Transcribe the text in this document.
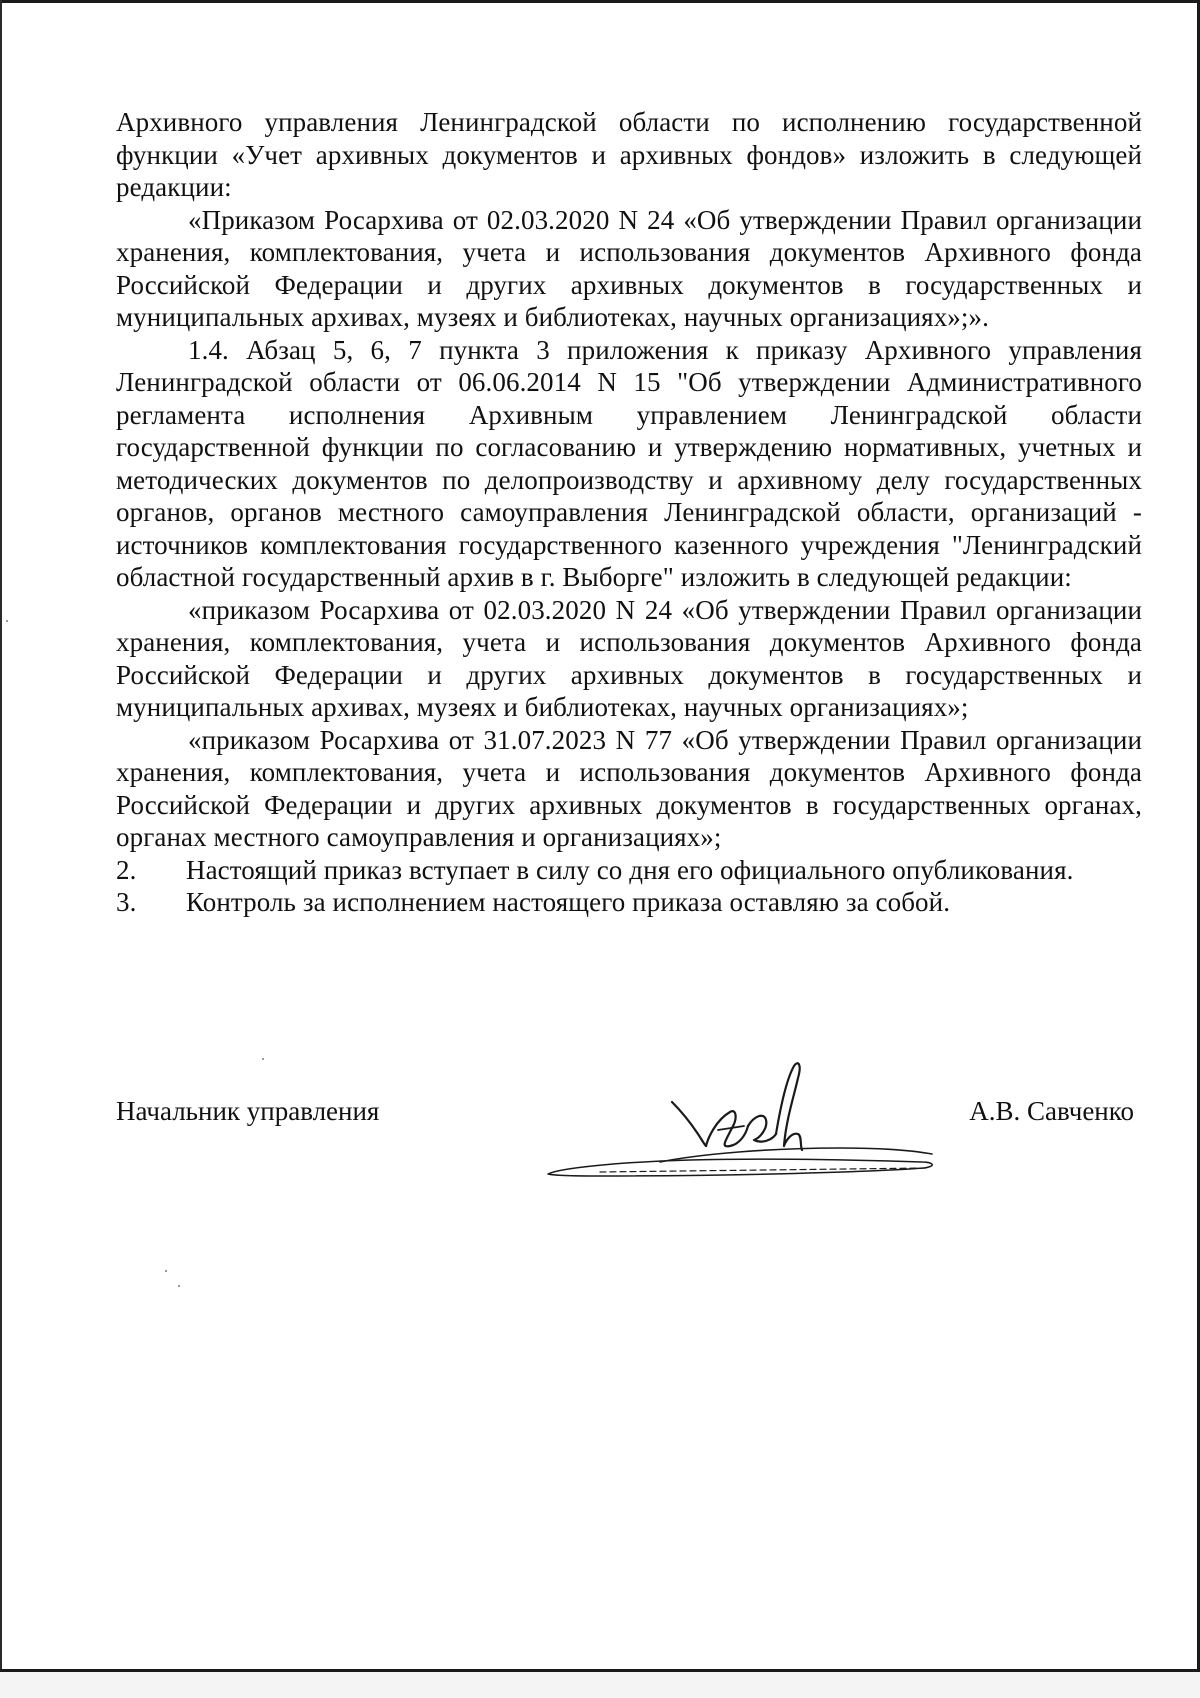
Архивного управления Ленинградской области по исполнению государственной функции «Учет архивных документов и архивных фондов» изложить в следующей редакции:

«Приказом Росархива от 02.03.2020 N 24 «Об утверждении Правил организации хранения, комплектования, учета и использования документов Архивного фонда Российской Федерации и других архивных документов в государственных и муниципальных архивах, музеях и библиотеках, научных организациях»;».

1.4. Абзац 5, 6, 7 пункта 3 приложения к приказу Архивного управления Ленинградской области от 06.06.2014 N 15 "Об утверждении Административного регламента исполнения Архивным управлением Ленинградской области государственной функции по согласованию и утверждению нормативных, учетных и методических документов по делопроизводству и архивному делу государственных органов, органов местного самоуправления Ленинградской области, организаций - источников комплектования государственного казенного учреждения "Ленинградский областной государственный архив в г. Выборге" изложить в следующей редакции:

«приказом Росархива от 02.03.2020 N 24 «Об утверждении Правил организации хранения, комплектования, учета и использования документов Архивного фонда Российской Федерации и других архивных документов в государственных и муниципальных архивах, музеях и библиотеках, научных организациях»;

«приказом Росархива от 31.07.2023 N 77 «Об утверждении Правил организации хранения, комплектования, учета и использования документов Архивного фонда Российской Федерации и других архивных документов в государственных органах, органах местного самоуправления и организациях»;

2. Настоящий приказ вступает в силу со дня его официального опубликования.

3. Контроль за исполнением настоящего приказа оставляю за собой.

Начальник управления	А.В. Савченко
